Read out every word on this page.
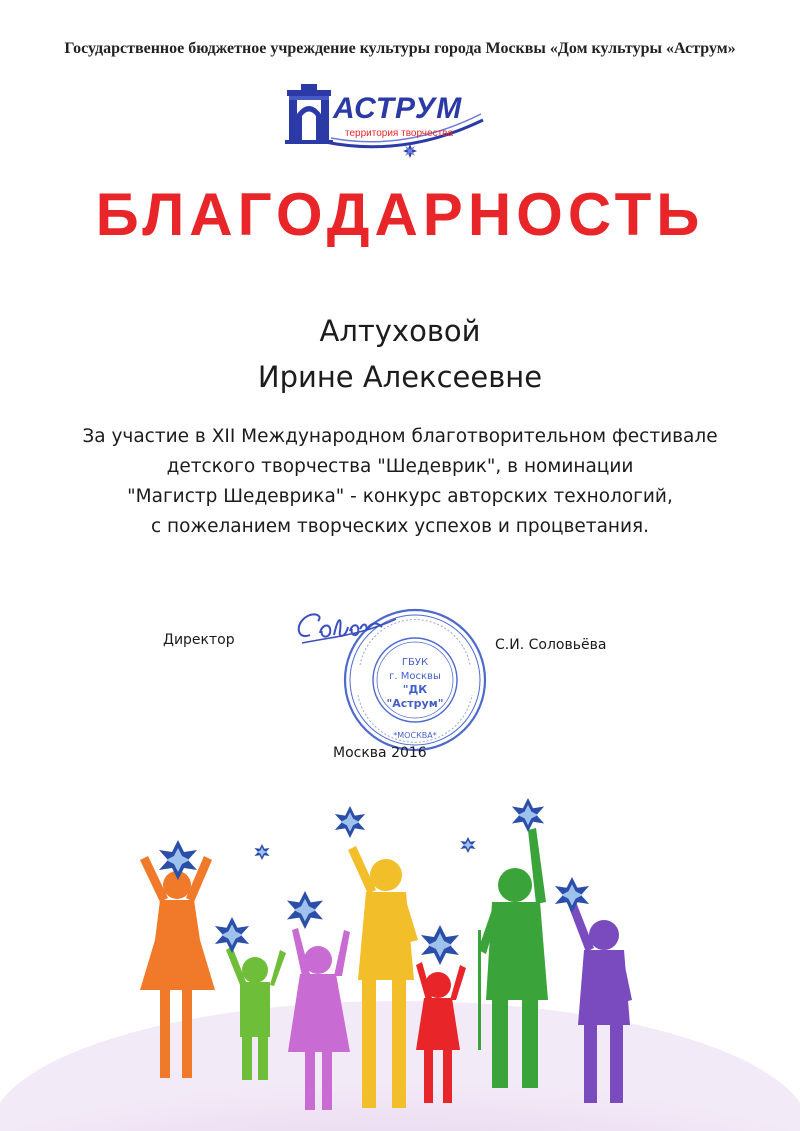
Государственное бюджетное учреждение культуры города Москвы «Дом культуры «Аструм»
АСТРУМ
территория творчества
БЛАГОДАРНОСТЬ
Алтуховой
Ирине Алексеевне
За участие в XII Международном благотворительном фестивале
детского творчества "Шедеврик", в номинации
"Магистр Шедеврика" - конкурс авторских технологий,
с пожеланием творческих успехов и процветания.
Директор
ГБУК
г. Москвы
"ДК
"Аструм"
*МОСКВА*
С.И. Соловьёва
Москва 2016
